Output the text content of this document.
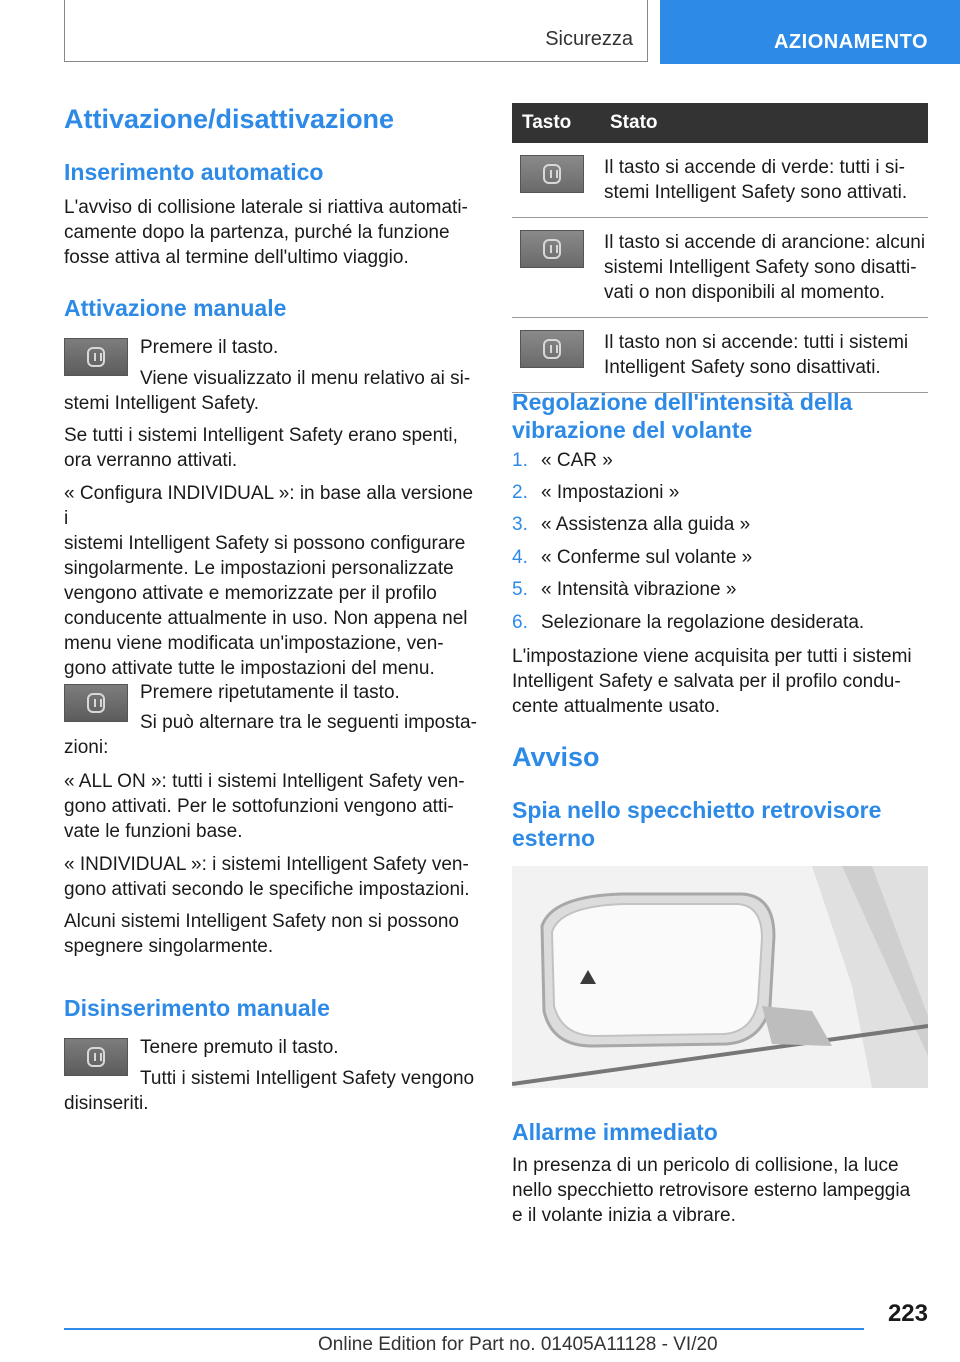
Sicurezza	AZIONAMENTO
Attivazione/disattivazione
Inserimento automatico
L'avviso di collisione laterale si riattiva automati-
camente dopo la partenza, purché la funzione
fosse attiva al termine dell'ultimo viaggio.
Attivazione manuale
Premere il tasto.
Viene visualizzato il menu relativo ai si-
stemi Intelligent Safety.
Se tutti i sistemi Intelligent Safety erano spenti,
ora verranno attivati.
« Configura INDIVIDUAL »: in base alla versione i
sistemi Intelligent Safety si possono configurare
singolarmente. Le impostazioni personalizzate
vengono attivate e memorizzate per il profilo
conducente attualmente in uso. Non appena nel
menu viene modificata un'impostazione, ven-
gono attivate tutte le impostazioni del menu.
Premere ripetutamente il tasto.
Si può alternare tra le seguenti imposta-
zioni:
« ALL ON »: tutti i sistemi Intelligent Safety ven-
gono attivati. Per le sottofunzioni vengono atti-
vate le funzioni base.
« INDIVIDUAL »: i sistemi Intelligent Safety ven-
gono attivati secondo le specifiche impostazioni.
Alcuni sistemi Intelligent Safety non si possono
spegnere singolarmente.
Disinserimento manuale
Tenere premuto il tasto.
Tutti i sistemi Intelligent Safety vengono
disinseriti.
Tasto	Stato

	Il tasto si accende di verde: tutti i si-
stemi Intelligent Safety sono attivati.

	Il tasto si accende di arancione: alcuni
sistemi Intelligent Safety sono disatti-
vati o non disponibili al momento.

	Il tasto non si accende: tutti i sistemi
Intelligent Safety sono disattivati.
Regolazione dell'intensità della
vibrazione del volante
1. « CAR »
2. « Impostazioni »
3. « Assistenza alla guida »
4. « Conferme sul volante »
5. « Intensità vibrazione »
6. Selezionare la regolazione desiderata.
L'impostazione viene acquisita per tutti i sistemi
Intelligent Safety e salvata per il profilo condu-
cente attualmente usato.
Avviso
Spia nello specchietto retrovisore
esterno
Allarme immediato
In presenza di un pericolo di collisione, la luce
nello specchietto retrovisore esterno lampeggia
e il volante inizia a vibrare.
223
Online Edition for Part no. 01405A11128 - VI/20
